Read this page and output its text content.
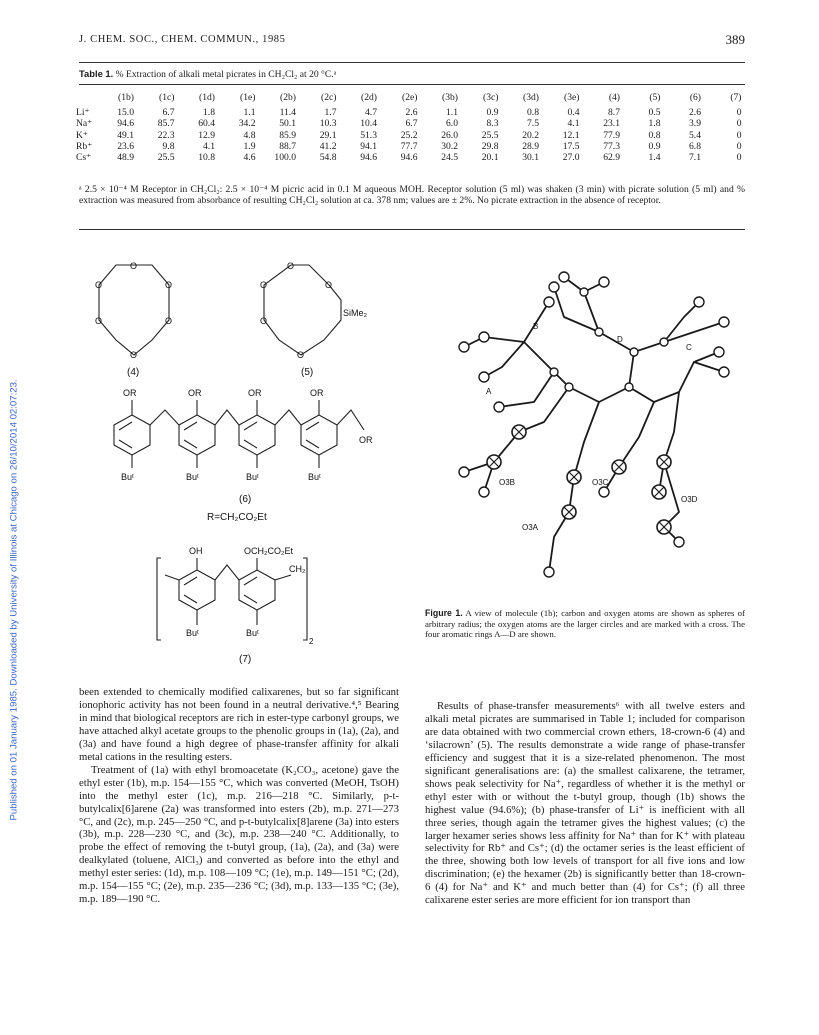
J. CHEM. SOC., CHEM. COMMUN., 1985	389
Published on 01 January 1985. Downloaded by University of Illinois at Chicago on 26/10/2014 02:07:23.
Table 1. % Extraction of alkali metal picrates in CH₂Cl₂ at 20 °C.ᵃ
	(1b)	(1c)	(1d)	(1e)	(2b)	(2c)	(2d)	(2e)	(3b)	(3c)	(3d)	(3e)	(4)	(5)	(6)	(7)
Li⁺	15.0	6.7	1.8	1.1	11.4	1.7	4.7	2.6	1.1	0.9	0.8	0.4	8.7	0.5	2.6	0
Na⁺	94.6	85.7	60.4	34.2	50.1	10.3	10.4	6.7	6.0	8.3	7.5	4.1	23.1	1.8	3.9	0
K⁺	49.1	22.3	12.9	4.8	85.9	29.1	51.3	25.2	26.0	25.5	20.2	12.1	77.9	0.8	5.4	0
Rb⁺	23.6	9.8	4.1	1.9	88.7	41.2	94.1	77.7	30.2	29.8	28.9	17.5	77.3	0.9	6.8	0
Cs⁺	48.9	25.5	10.8	4.6	100.0	54.8	94.6	94.6	24.5	20.1	30.1	27.0	62.9	1.4	7.1	0
ᵃ 2.5 × 10⁻⁴ M Receptor in CH₂Cl₂: 2.5 × 10⁻⁴ M picric acid in 0.1 M aqueous MOH. Receptor solution (5 ml) was shaken (3 min) with picrate solution (5 ml) and % extraction was measured from absorbance of resulting CH₂Cl₂ solution at ca. 378 nm; values are ± 2%. No picrate extraction in the absence of receptor.
O
O
O
O
O
O
(4)
O
O
O
O
O
SiMe₂
(5)
OR	OR	OR	OR
OR
Buᵗ	Buᵗ	Buᵗ	Buᵗ
(6)
R=CH₂CO₂Et
OH	OCH₂CO₂Et
CH₂
Buᵗ	Buᵗ
2
(7)
B
D
A
C
O3B	O3C
O3D
O3A
Figure 1. A view of molecule (1b); carbon and oxygen atoms are shown as spheres of arbitrary radius; the oxygen atoms are the larger circles and are marked with a cross. The four aromatic rings A—D are shown.

been extended to chemically modified calixarenes, but so far significant ionophoric activity has not been found in a neutral derivative.⁴,⁵ Bearing in mind that biological receptors are rich in ester-type carbonyl groups, we have attached alkyl acetate groups to the phenolic groups in (1a), (2a), and (3a) and have found a high degree of phase-transfer affinity for alkali metal cations in the resulting esters.

Treatment of (1a) with ethyl bromoacetate (K₂CO₃, acetone) gave the ethyl ester (1b), m.p. 154—155 °C, which was converted (MeOH, TsOH) into the methyl ester (1c), m.p. 216—218 °C. Similarly, p-t-butylcalix[6]arene (2a) was transformed into esters (2b), m.p. 271—273 °C, and (2c), m.p. 245—250 °C, and p-t-butylcalix[8]arene (3a) into esters (3b), m.p. 228—230 °C, and (3c), m.p. 238—240 °C. Additionally, to probe the effect of removing the t-butyl group, (1a), (2a), and (3a) were dealkylated (toluene, AlCl₃) and converted as before into the ethyl and methyl ester series: (1d), m.p. 108—109 °C; (1e), m.p. 149—151 °C; (2d), m.p. 154—155 °C; (2e), m.p. 235—236 °C; (3d), m.p. 133—135 °C; (3e), m.p. 189—190 °C.

Results of phase-transfer measurements⁶ with all twelve esters and alkali metal picrates are summarised in Table 1; included for comparison are data obtained with two commercial crown ethers, 18-crown-6 (4) and ‘silacrown’ (5). The results demonstrate a wide range of phase-transfer efficiency and suggest that it is a size-related phenomenon. The most significant generalisations are: (a) the smallest calixarene, the tetramer, shows peak selectivity for Na⁺, regardless of whether it is the methyl or ethyl ester with or without the t-butyl group, though (1b) shows the highest value (94.6%); (b) phase-transfer of Li⁺ is inefficient with all three series, though again the tetramer gives the highest values; (c) the larger hexamer series shows less affinity for Na⁺ than for K⁺ with plateau selectivity for Rb⁺ and Cs⁺; (d) the octamer series is the least efficient of the three, showing both low levels of transport for all five ions and low discrimination; (e) the hexamer (2b) is significantly better than 18-crown-6 (4) for Na⁺ and K⁺ and much better than (4) for Cs⁺; (f) all three calixarene ester series are more efficient for ion transport than
